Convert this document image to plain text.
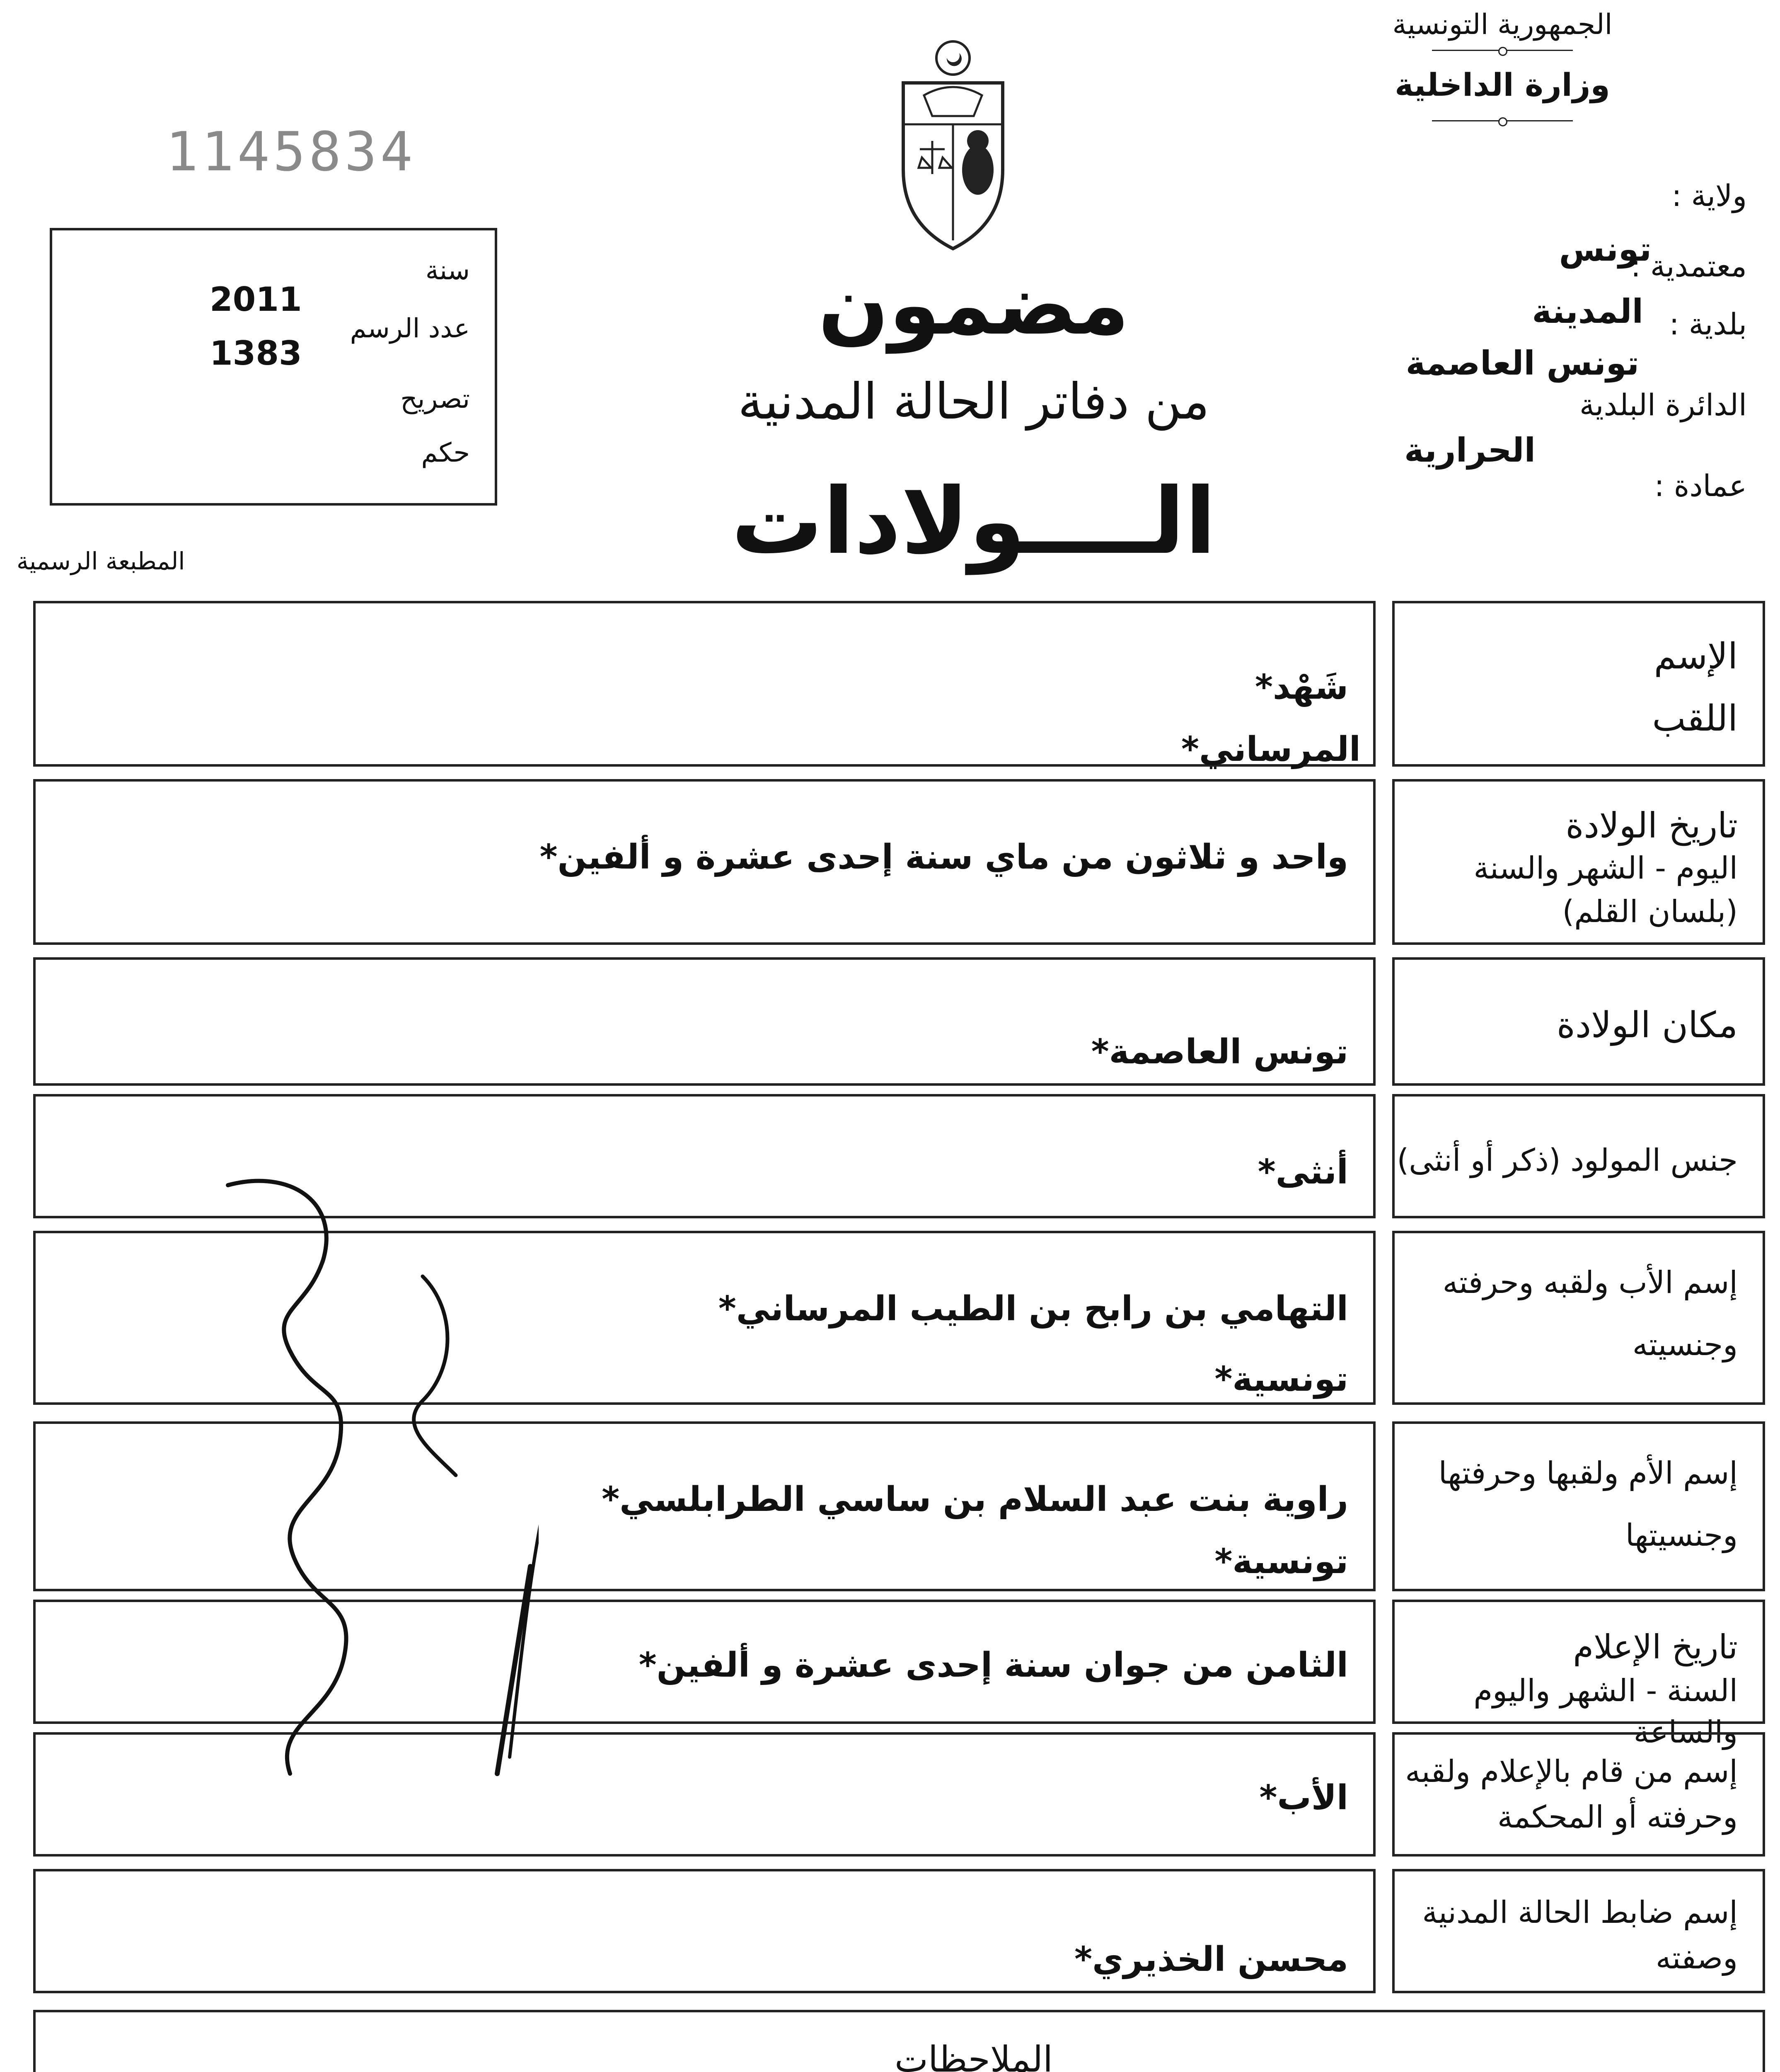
1145834
الجمهورية التونسية
وزارة الداخلية
ولاية :
معتمدية :
تونس
بلدية :
المدينة
تونس العاصمة
الدائرة البلدية
الحرارية
عمادة :
سنة
2011
عدد الرسم
1383
تصريح
حكم
مضمون
من دفاتر الحالة المدنية
الــــولادات
المطبعة الرسمية
شَهْد*
المرساني*
الإسم
اللقب
واحد و ثلاثون من ماي سنة إحدى عشرة و ألفين*
تاريخ الولادة
اليوم - الشهر والسنة
(بلسان القلم)
تونس العاصمة*
مكان الولادة
أنثى* جنس المولود (ذكر أو أنثى)
التهامي بن رابح بن الطيب المرساني*
تونسية*
إسم الأب ولقبه وحرفته
وجنسيته
راوية بنت عبد السلام بن ساسي الطرابلسي*
تونسية*
إسم الأم ولقبها وحرفتها
وجنسيتها
الثامن من جوان سنة إحدى عشرة و ألفين*	تاريخ الإعلام
السنة - الشهر واليوم والساعة
الأب*
إسم من قام بالإعلام ولقبه
وحرفته أو المحكمة
محسن الخذيري*
إسم ضابط الحالة المدنية
وصفته
الملاحظات
